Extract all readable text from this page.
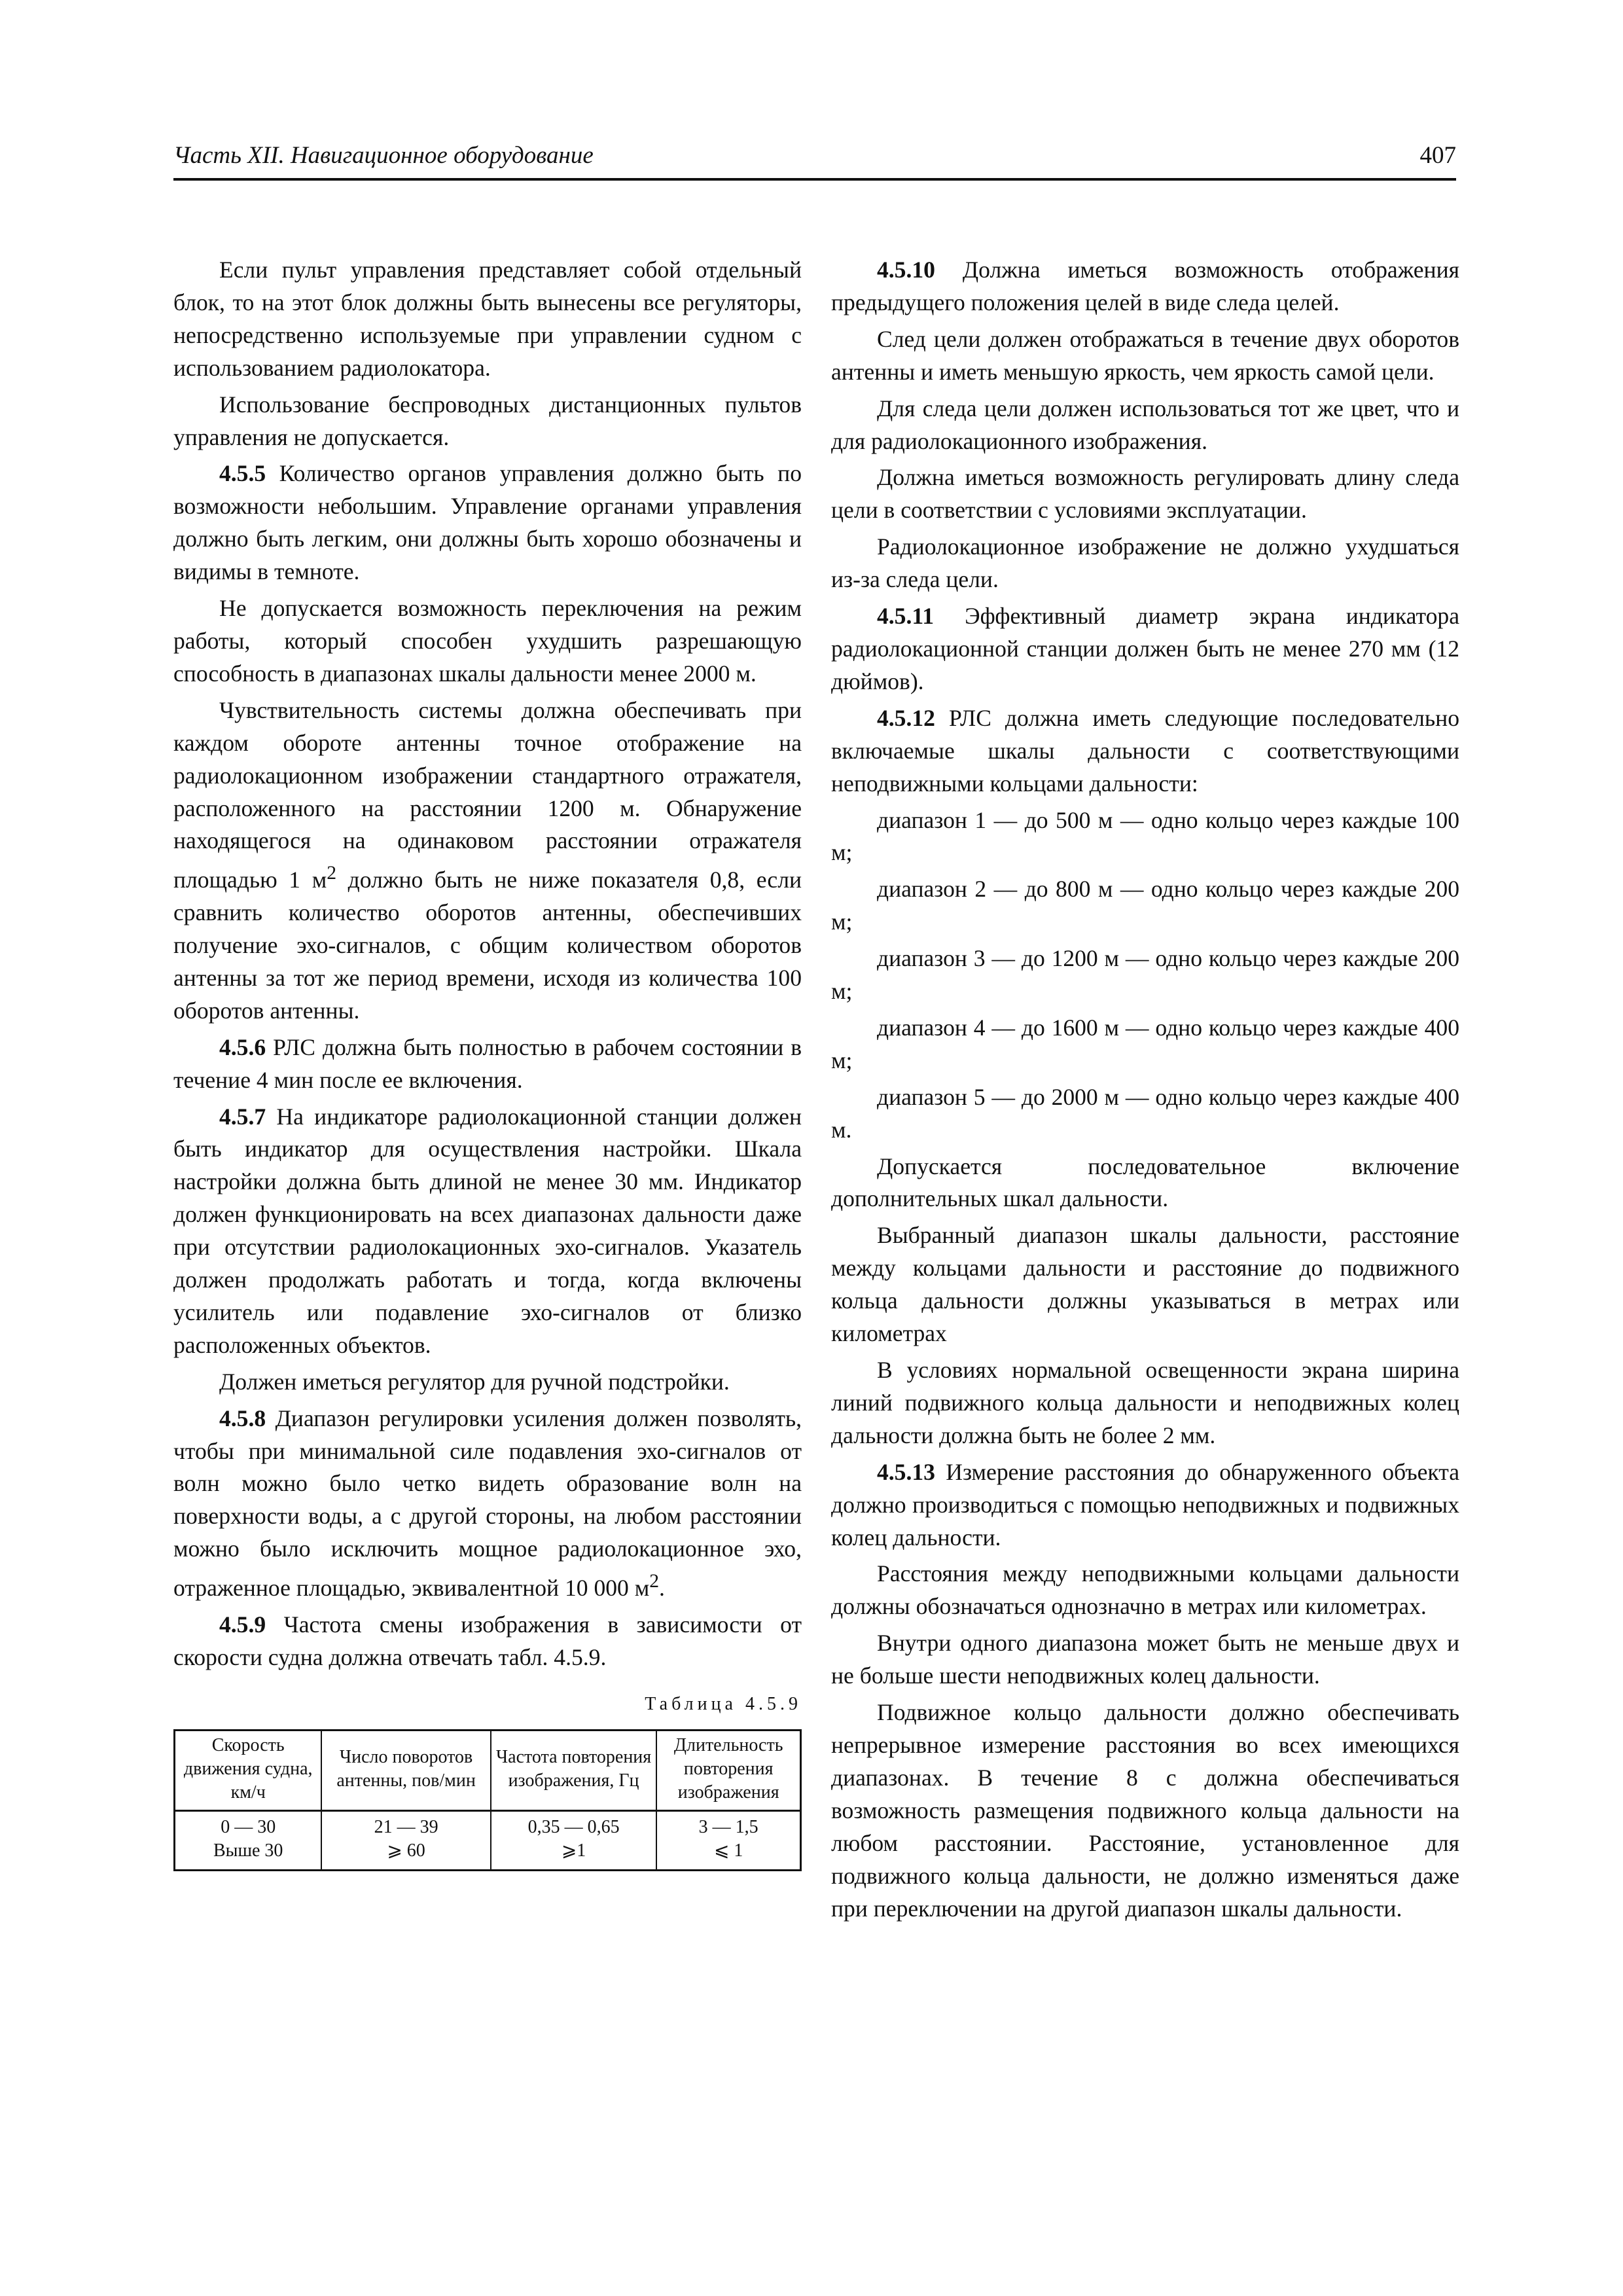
Часть XII. Навигационное оборудование	407

Если пульт управления представляет собой отдельный блок, то на этот блок должны быть вынесены все регуляторы, непосредственно используемые при управлении судном с использованием радиолокатора.

Использование беспроводных дистанционных пультов управления не допускается.

4.5.5 Количество органов управления должно быть по возможности небольшим. Управление органами управления должно быть легким, они должны быть хорошо обозначены и видимы в темноте.

Не допускается возможность переключения на режим работы, который способен ухудшить разрешающую способность в диапазонах шкалы дальности менее 2000 м.

Чувствительность системы должна обеспечивать при каждом обороте антенны точное отображение на радиолокационном изображении стандартного отражателя, расположенного на расстоянии 1200 м. Обнаружение находящегося на одинаковом расстоянии отражателя площадью 1 $м^2$ должно быть не ниже показателя 0,8, если сравнить количество оборотов антенны, обеспечивших получение эхо-сигналов, с общим количеством оборотов антенны за тот же период времени, исходя из количества 100 оборотов антенны.

4.5.6 РЛС должна быть полностью в рабочем состоянии в течение 4 мин после ее включения.

4.5.7 На индикаторе радиолокационной станции должен быть индикатор для осуществления настройки. Шкала настройки должна быть длиной не менее 30 мм. Индикатор должен функционировать на всех диапазонах дальности даже при отсутствии радиолокационных эхо-сигналов. Указатель должен продолжать работать и тогда, когда включены усилитель или подавление эхо-сигналов от близко расположенных объектов.

Должен иметься регулятор для ручной подстройки.

4.5.8 Диапазон регулировки усиления должен позволять, чтобы при минимальной силе подавления эхо-сигналов от волн можно было четко видеть образование волн на поверхности воды, а с другой стороны, на любом расстоянии можно было исключить мощное радиолокационное эхо, отраженное площадью, эквивалентной 10 000 $м^2$.

4.5.9 Частота смены изображения в зависимости от скорости судна должна отвечать табл. 4.5.9.

Таблица 4.5.9
Скорость движения судна, км/ч	Число поворотов антенны, пов/мин	Частота повторения изображения, Гц	Длительность повторения изображения
0 — 30	21 — 39	0,35 — 0,65	3 — 1,5
Выше 30	⩾ 60	⩾1	⩽ 1

4.5.10 Должна иметься возможность отображения предыдущего положения целей в виде следа целей.

След цели должен отображаться в течение двух оборотов антенны и иметь меньшую яркость, чем яркость самой цели.

Для следа цели должен использоваться тот же цвет, что и для радиолокационного изображения.

Должна иметься возможность регулировать длину следа цели в соответствии с условиями эксплуатации.

Радиолокационное изображение не должно ухудшаться из-за следа цели.

4.5.11 Эффективный диаметр экрана индикатора радиолокационной станции должен быть не менее 270 мм (12 дюймов).

4.5.12 РЛС должна иметь следующие последовательно включаемые шкалы дальности с соответствующими неподвижными кольцами дальности:

диапазон 1 — до 500 м — одно кольцо через каждые 100 м;

диапазон 2 — до 800 м — одно кольцо через каждые 200 м;

диапазон 3 — до 1200 м — одно кольцо через каждые 200 м;

диапазон 4 — до 1600 м — одно кольцо через каждые 400 м;

диапазон 5 — до 2000 м — одно кольцо через каждые 400 м.

Допускается последовательное включение дополнительных шкал дальности.

Выбранный диапазон шкалы дальности, расстояние между кольцами дальности и расстояние до подвижного кольца дальности должны указываться в метрах или километрах

В условиях нормальной освещенности экрана ширина линий подвижного кольца дальности и неподвижных колец дальности должна быть не более 2 мм.

4.5.13 Измерение расстояния до обнаруженного объекта должно производиться с помощью неподвижных и подвижных колец дальности.

Расстояния между неподвижными кольцами дальности должны обозначаться однозначно в метрах или километрах.

Внутри одного диапазона может быть не меньше двух и не больше шести неподвижных колец дальности.

Подвижное кольцо дальности должно обеспечивать непрерывное измерение расстояния во всех имеющихся диапазонах. В течение 8 с должна обеспечиваться возможность размещения подвижного кольца дальности на любом расстоянии. Расстояние, установленное для подвижного кольца дальности, не должно изменяться даже при переключении на другой диапазон шкалы дальности.
